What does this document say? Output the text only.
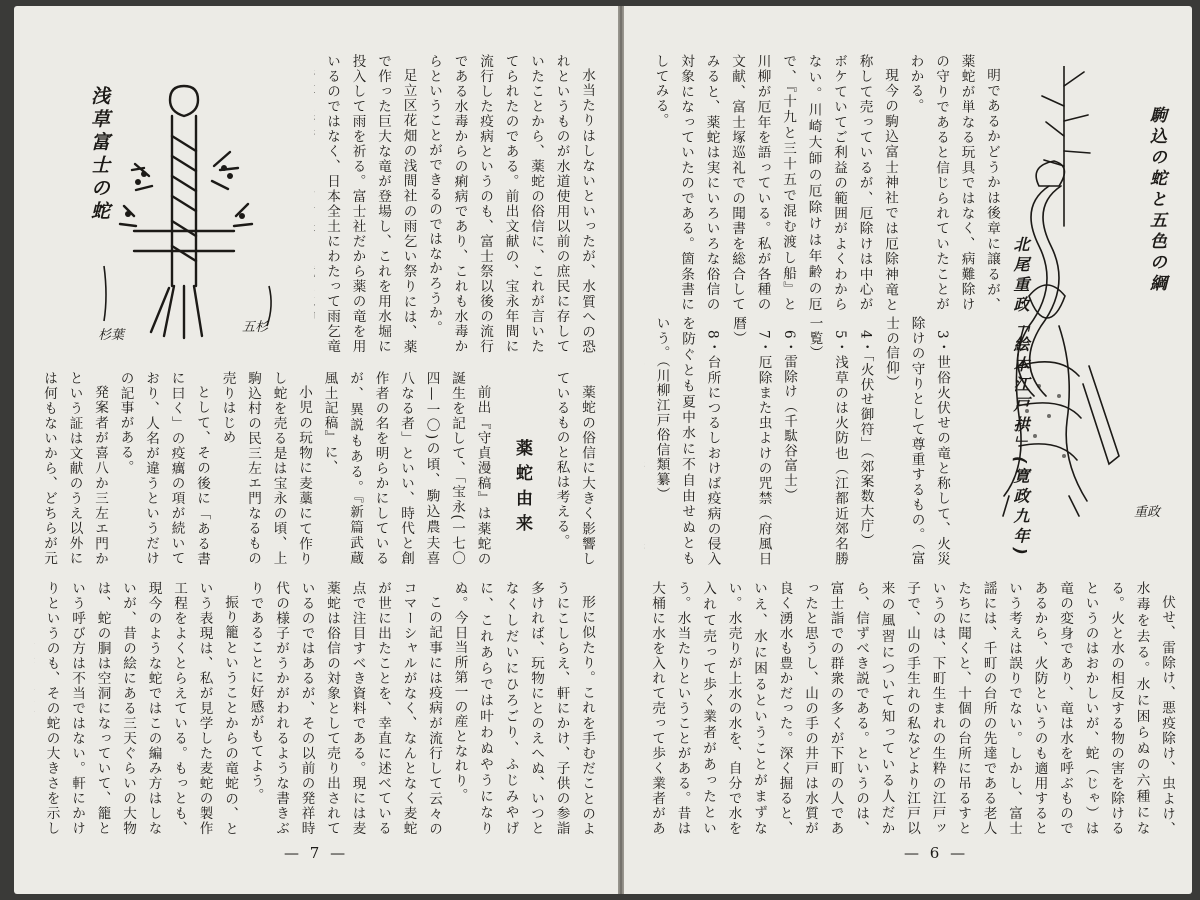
浅草富士の蛇
杉葉
五杉	水当たりはしないといったが、水質への恐れというものが水道使用以前の庶民に存していたことから、薬蛇の俗信に、これが言いたてられたのである。前出文献の、宝永年間に流行した疫病というのも、富士祭以後の流行である水毒からの痢病であり、これも水毒からということができるのではなかろうか。

足立区花畑の浅間社の雨乞い祭りには、薬で作った巨大な竜が登場し、これを用水堀に投入して雨を祈る。富士社だから薬の竜を用いるのではなく、日本全土にわたって雨乞竜

薬蛇の俗信に大きく影響しているものと私は考える。

薬蛇由来

前出『守貞漫稿』は薬蛇の誕生を記して、「宝永(一七〇四—一〇)の頃、駒込農夫喜八なる者」といい、時代と創作者の名を明らかにしているが、異説もある。『新篇武蔵風土記稿』に、

小児の玩物に麦藁にて作りし蛇を売る是は宝永の頃、上駒込村の民三左エ門なるもの売りはじめ

として、その後に「ある書に曰く」の疫癘の項が続いており、人名が違うというだけの記事がある。

発案者が喜八か三左エ門かという証は文献のうえ以外には何もないから、どちらが元

形に似たり。これを手むだことのようにこしらえ、軒にかけ、子供の参詣多ければ、玩物にとのえへぬ、いつとなくしだいにひろごり、ふじみやげに、これあらでは叶わぬやうになりぬ。今日当所第一の産となれり。

この記事には疫病が流行して云々のコマーシャルがなく、なんとなく麦蛇が世に出たことを、幸直に述べている点で注目すべき資料である。現には麦薬蛇は俗信の対象として売り出されているのではあるが、その以前の発祥時代の様子がうかがわれるような書きぶりであることに好感がもてよう。

振り籠ということからの竜蛇の、という表現は、私が見学した麦蛇の製作工程をよくとらえている。もっとも、現今のような蛇ではこの編み方はしないが、昔の絵にある三天ぐらいの大物は、蛇の胴は空洞になっていて、籠という呼び方は不当ではない。軒にかけりというのも、その蛇の大きさを示し

— 7 —
駒込の蛇と五色の綱
北尾重政「絵本江戸拱」(寛政九年)	重政

明であるかどうかは後章に譲るが、薬蛇が単なる玩具ではなく、病難除けの守りであると信じられていたことがわかる。

現今の駒込富士神社では厄除神竜と称して売っているが、厄除けは中心がボケていてご利益の範囲がよくわからない。川崎大師の厄除けは年齢の厄で、『十九と三十五で混む渡し船』と川柳が厄年を語っている。私が各種の文献、富士塚巡礼での聞書を総合してみると、薬蛇は実にいろいろな俗信の対象になっていたのである。箇条書にしてみる。

3・世俗火伏せの竜と称して、火災除けの守りとして尊重するもの。（富士の信仰）

4・「火伏せ御符」（郊案数大庁）

5・浅草のは火防也（江都近郊名勝一覧）

6・雷除け（千駄谷富士）

7・厄除また虫よけの咒禁（府風日暦）

8・台所につるしおけば疫病の侵入を防ぐとも夏中水に不自由せぬともいう。（川柳江戸俗信類纂）

伏せ、雷除け、悪疫除け、虫よけ、水毒を去る。水に困らぬの六種になる。火と水の相反する物の害を除けるというのはおかしいが、蛇（じゃ）は竜の変身であり、竜は水を呼ぶものであるから、火防というのも適用するという考えは誤りでない。しかし、富士謡には、千町の台所の先達である老人たちに聞くと、十個の台所に吊るすというのは、下町生まれの生粋の江戸ッ子で、山の手生れの私などより江戸以来の風習について知っている人だから、信ずべき説である。というのは、富士詣での群衆の多くが下町の人であったと思うし、山の手の井戸は水質が良く湧水も豊かだった。深く掘ると、いえ、水に困るということがまずない。水売りが上水の水を、自分で水を入れて売って歩く業者があったという。水当たりということがある。昔は大桶に水を入れて売って歩く業者があ

— 6 —
